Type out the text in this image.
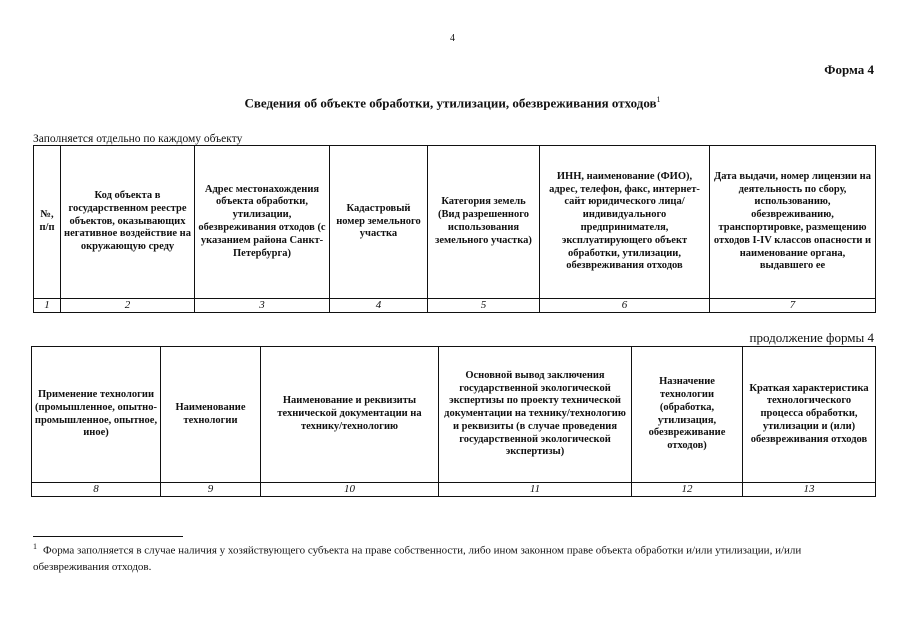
4
Форма 4
Сведения об объекте обработки, утилизации, обезвреживания отходов$^1$
Заполняется отдельно по каждому объекту
№, п/п	Код объекта в государственном реестре объектов, оказывающих негативное воздействие на окружающую среду	Адрес местонахождения объекта обработки, утилизации, обезвреживания отходов (с указанием района Санкт-Петербурга)	Кадастровый номер земельного участка	Категория земель (Вид разрешенного использования земельного участка)	ИНН, наименование (ФИО), адрес, телефон, факс, интернет-сайт юридического лица/ индивидуального предпринимателя, эксплуатирующего объект обработки, утилизации, обезвреживания отходов	Дата выдачи, номер лицензии на деятельность по сбору, использованию, обезвреживанию, транспортировке, размещению отходов I-IV классов опасности и наименование органа, выдавшего ее
1	2	3	4	5	6	7
продолжение формы 4
Применение технологии (промышленное, опытно-промышленное, опытное, иное)	Наименование технологии	Наименование и реквизиты технической документации на технику/технологию	Основной вывод заключения государственной экологической экспертизы по проекту технической документации на технику/технологию и реквизиты (в случае проведения государственной экологической экспертизы)	Назначение технологии (обработка, утилизация, обезвреживание отходов)	Краткая характеристика технологического процесса обработки, утилизации и (или) обезвреживания отходов
8	9	10	11	12	13
$^1$ Форма заполняется в случае наличия у хозяйствующего субъекта на праве собственности, либо ином законном праве объекта обработки и/или утилизации, и/или обезвреживания отходов.
